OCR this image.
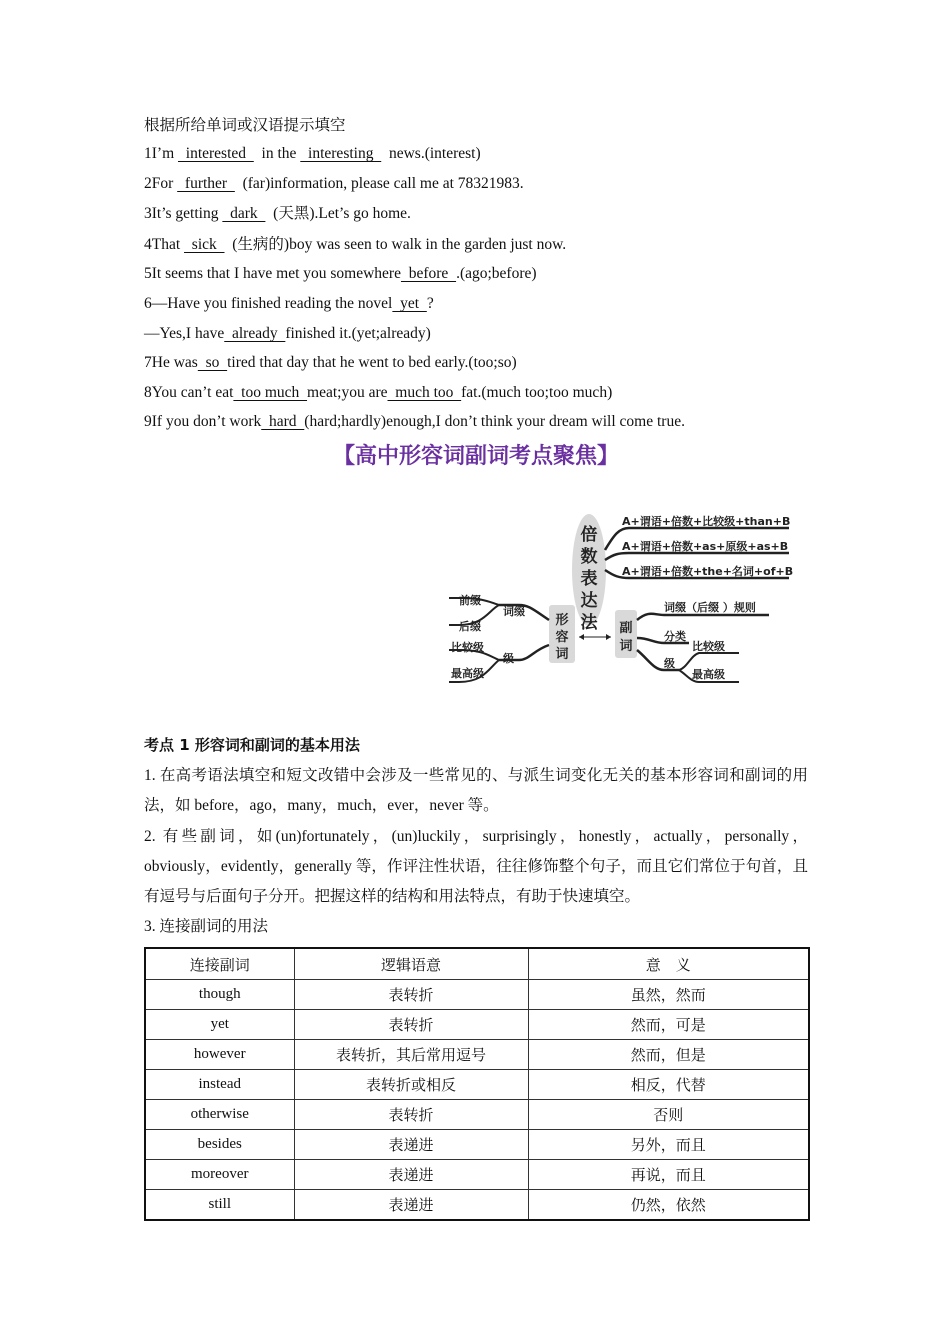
根据所给单词或汉语提示填空
1I’m   interested    in the   interesting    news.(interest)
2For   further    (far)information, please call me at 78321983.
3It’s getting   dark    (天黑).Let’s go home.
4That   sick    (生病的)boy was seen to walk in the garden just now.
5It seems that I have met you somewhere  before  .(ago;before)
6—Have you finished reading the novel  yet  ?
—Yes,I have  already  finished it.(yet;already)
7He was  so  tired that day that he went to bed early.(too;so)
8You can’t eat  too much  meat;you are  much too  fat.(much too;too much)
9If you don’t work  hard  (hard;hardly)enough,I don’t think your dream will come true.
【高中形容词副词考点聚焦】
倍
数
表
达
法
A+谓语+倍数+比较级+than+B
A+谓语+倍数+as+原级+as+B
A+谓语+倍数+the+名词+of+B
形
容
词
副
词
词缀
级
前缀
后缀
比较级
最高级
词缀（后缀 ）规则
分类
级
比较级
最高级
考点 1 形容词和副词的基本用法
1. 在高考语法填空和短文改错中会涉及一些常见的、与派生词变化无关的基本形容词和副词的用法，如 before，ago，many，much，ever，never 等。
2. 有些副词，如(un)fortunately，(un)luckily，surprisingly，honestly，actually，personally，obviously，evidently，generally 等，作评注性状语，往往修饰整个句子，而且它们常位于句首，且有逗号与后面句子分开。把握这样的结构和用法特点，有助于快速填空。
3. 连接副词的用法
连接副词	逻辑语意	意　义
though	表转折	虽然，然而
yet	表转折	然而，可是
however	表转折，其后常用逗号	然而，但是
instead	表转折或相反	相反，代替
otherwise	表转折	否则
besides	表递进	另外，而且
moreover	表递进	再说，而且
still	表递进	仍然，依然
